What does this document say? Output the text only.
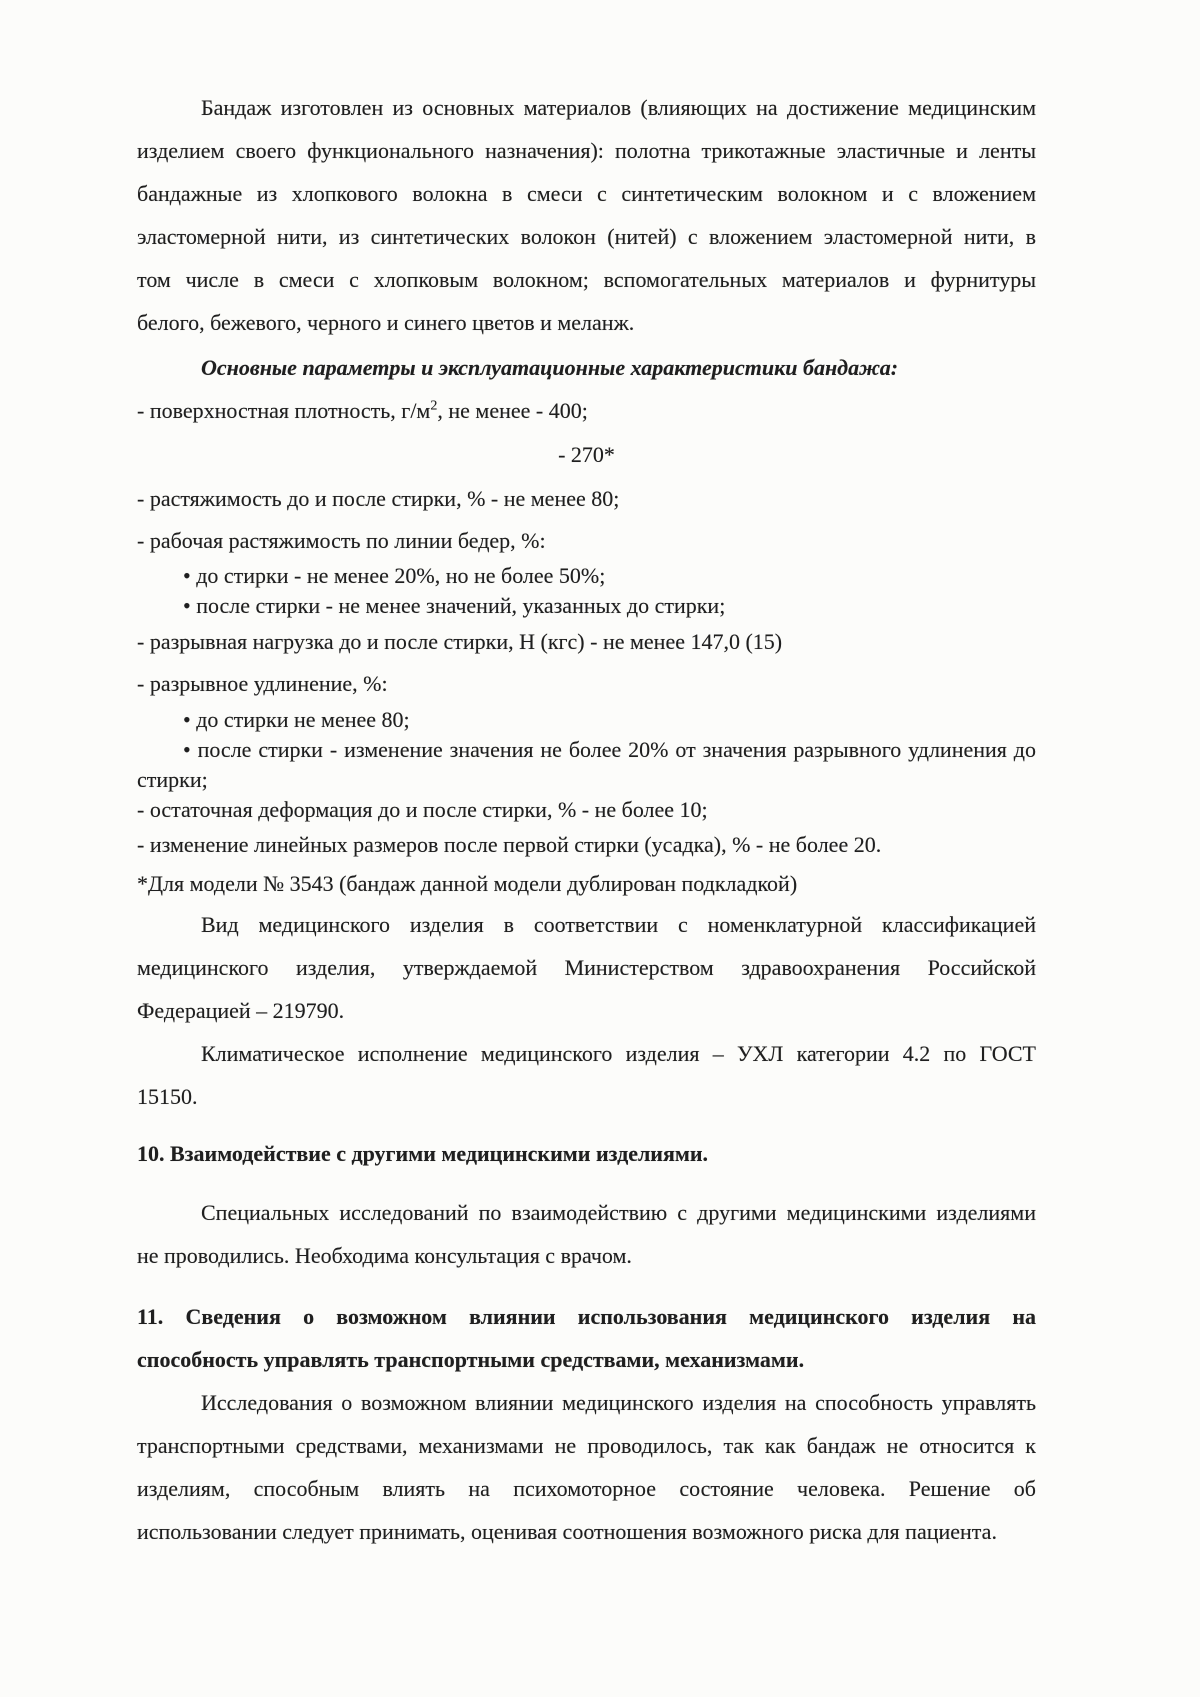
Бандаж изготовлен из основных материалов (влияющих на достижение медицинским
изделием своего функционального назначения): полотна трикотажные эластичные и ленты
бандажные из хлопкового волокна в смеси с синтетическим волокном и с вложением
эластомерной нити, из синтетических волокон (нитей) с вложением эластомерной нити, в
том числе в смеси с хлопковым волокном; вспомогательных материалов и фурнитуры
белого, бежевого, черного и синего цветов и меланж.
Основные параметры и эксплуатационные характеристики бандажа:
- поверхностная плотность, $г/м^2$, не менее - 400;
- 270*
- растяжимость до и после стирки, % - не менее 80;
- рабочая растяжимость по линии бедер, %:
• до стирки - не менее 20%, но не более 50%;
• после стирки - не менее значений, указанных до стирки;
- разрывная нагрузка до и после стирки, Н (кгс) - не менее 147,0 (15)
- разрывное удлинение, %:
• до стирки не менее 80;
• после стирки - изменение значения не более 20% от значения разрывного удлинения до стирки;
- остаточная деформация до и после стирки, % - не более 10;
- изменение линейных размеров после первой стирки (усадка), % - не более 20.
*Для модели № 3543 (бандаж данной модели дублирован подкладкой)
Вид медицинского изделия в соответствии с номенклатурной классификацией
медицинского изделия, утверждаемой Министерством здравоохранения Российской
Федерацией – 219790.
Климатическое исполнение медицинского изделия – УХЛ категории 4.2 по ГОСТ
15150.
10. Взаимодействие с другими медицинскими изделиями.
Специальных исследований по взаимодействию с другими медицинскими изделиями
не проводились. Необходима консультация с врачом.
11. Сведения о возможном влиянии использования медицинского изделия на
способность управлять транспортными средствами, механизмами.
Исследования о возможном влиянии медицинского изделия на способность управлять
транспортными средствами, механизмами не проводилось, так как бандаж не относится к
изделиям, способным влиять на психомоторное состояние человека. Решение об
использовании следует принимать, оценивая соотношения возможного риска для пациента.
